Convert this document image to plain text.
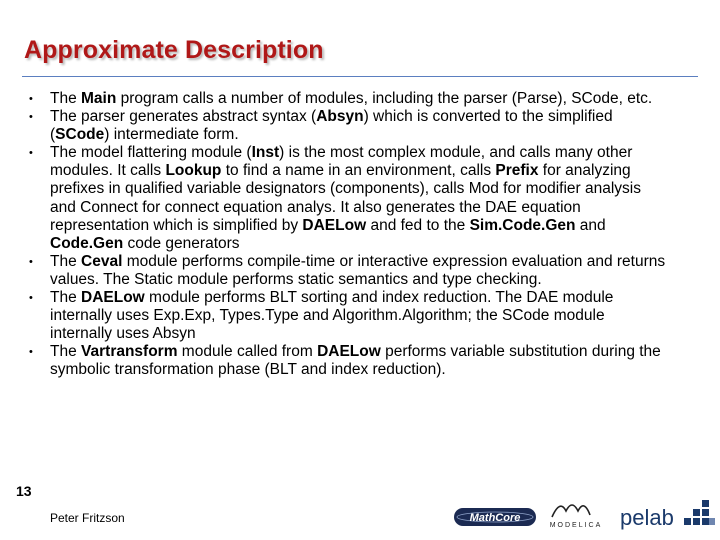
Approximate Description
• The Main program calls a number of modules, including the parser (Parse), SCode, etc.
• The parser generates abstract syntax (Absyn) which is converted to the simplified (SCode) intermediate form.
• The model flattering module (Inst) is the most complex module, and calls many other modules. It calls Lookup to find a name in an environment, calls Prefix for analyzing prefixes in qualified variable designators (components), calls Mod for modifier analysis and Connect for connect equation analys. It also generates the DAE equation representation which is simplified by DAELow and fed to the Sim.Code.Gen and Code.Gen code generators
• The Ceval module performs compile-time or interactive expression evaluation and returns values. The Static module performs static semantics and type checking.
• The DAELow module performs BLT sorting and index reduction. The DAE module internally uses Exp.Exp, Types.Type and Algorithm.Algorithm; the SCode module internally uses Absyn
• The Vartransform module called from DAELow performs variable substitution during the symbolic transformation phase (BLT and index reduction).
13
Peter Fritzson	MathCore
MODELICA pelab
